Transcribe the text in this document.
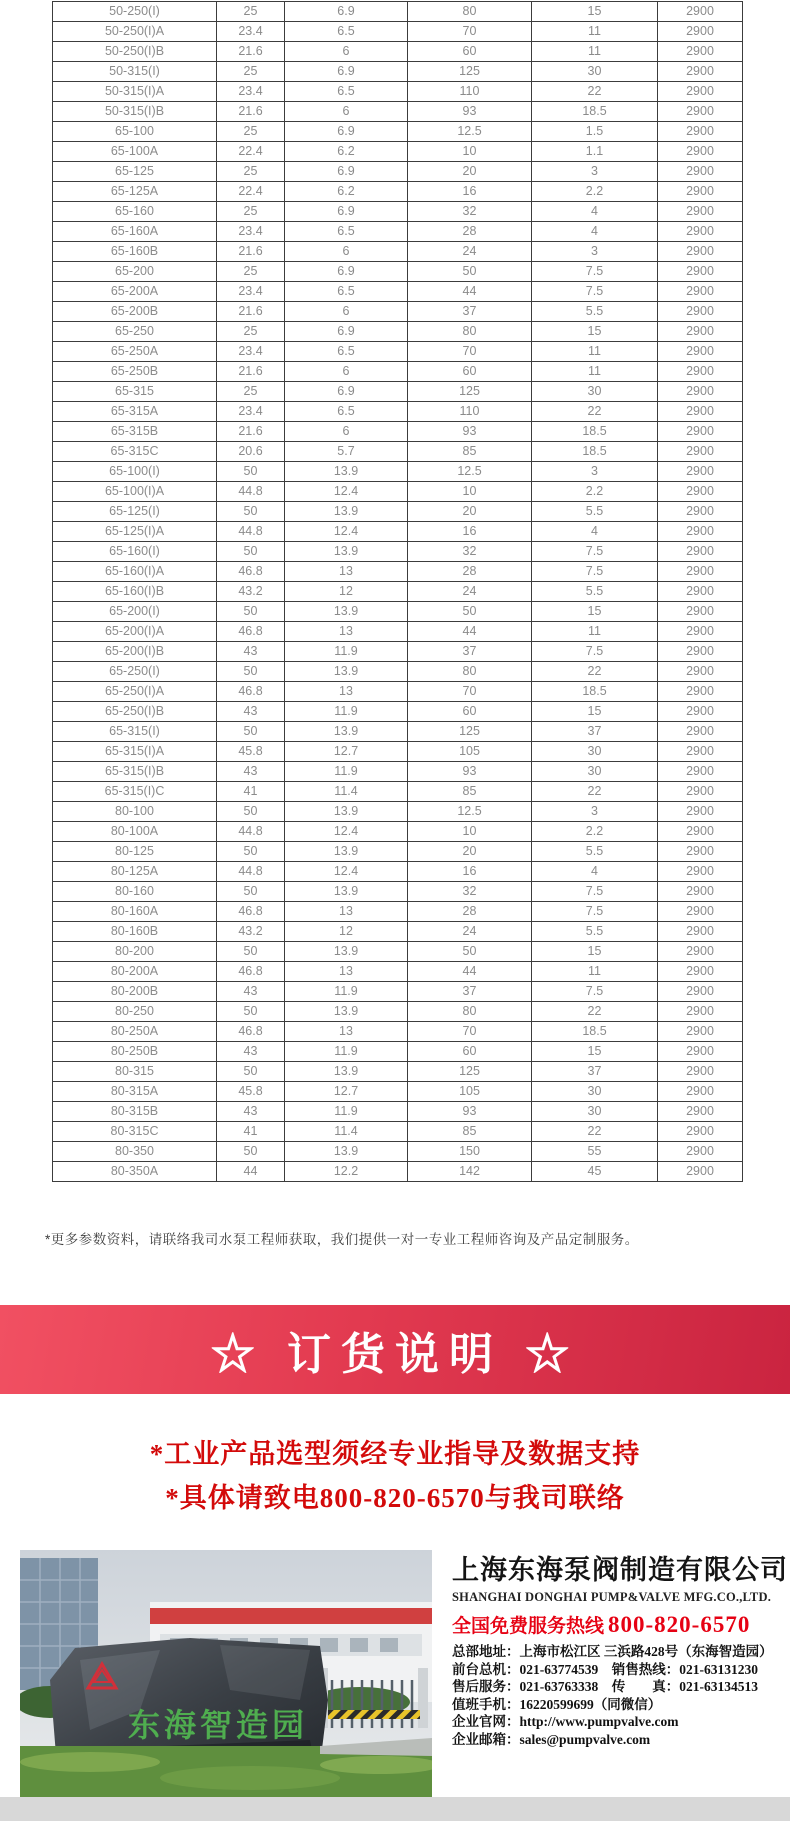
50-250(I)	25	6.9	80	15	2900
50-250(I)A	23.4	6.5	70	11	2900
50-250(I)B	21.6	6	60	11	2900
50-315(I)	25	6.9	125	30	2900
50-315(I)A	23.4	6.5	110	22	2900
50-315(I)B	21.6	6	93	18.5	2900
65-100	25	6.9	12.5	1.5	2900
65-100A	22.4	6.2	10	1.1	2900
65-125	25	6.9	20	3	2900
65-125A	22.4	6.2	16	2.2	2900
65-160	25	6.9	32	4	2900
65-160A	23.4	6.5	28	4	2900
65-160B	21.6	6	24	3	2900
65-200	25	6.9	50	7.5	2900
65-200A	23.4	6.5	44	7.5	2900
65-200B	21.6	6	37	5.5	2900
65-250	25	6.9	80	15	2900
65-250A	23.4	6.5	70	11	2900
65-250B	21.6	6	60	11	2900
65-315	25	6.9	125	30	2900
65-315A	23.4	6.5	110	22	2900
65-315B	21.6	6	93	18.5	2900
65-315C	20.6	5.7	85	18.5	2900
65-100(I)	50	13.9	12.5	3	2900
65-100(I)A	44.8	12.4	10	2.2	2900
65-125(I)	50	13.9	20	5.5	2900
65-125(I)A	44.8	12.4	16	4	2900
65-160(I)	50	13.9	32	7.5	2900
65-160(I)A	46.8	13	28	7.5	2900
65-160(I)B	43.2	12	24	5.5	2900
65-200(I)	50	13.9	50	15	2900
65-200(I)A	46.8	13	44	11	2900
65-200(I)B	43	11.9	37	7.5	2900
65-250(I)	50	13.9	80	22	2900
65-250(I)A	46.8	13	70	18.5	2900
65-250(I)B	43	11.9	60	15	2900
65-315(I)	50	13.9	125	37	2900
65-315(I)A	45.8	12.7	105	30	2900
65-315(I)B	43	11.9	93	30	2900
65-315(I)C	41	11.4	85	22	2900
80-100	50	13.9	12.5	3	2900
80-100A	44.8	12.4	10	2.2	2900
80-125	50	13.9	20	5.5	2900
80-125A	44.8	12.4	16	4	2900
80-160	50	13.9	32	7.5	2900
80-160A	46.8	13	28	7.5	2900
80-160B	43.2	12	24	5.5	2900
80-200	50	13.9	50	15	2900
80-200A	46.8	13	44	11	2900
80-200B	43	11.9	37	7.5	2900
80-250	50	13.9	80	22	2900
80-250A	46.8	13	70	18.5	2900
80-250B	43	11.9	60	15	2900
80-315	50	13.9	125	37	2900
80-315A	45.8	12.7	105	30	2900
80-315B	43	11.9	93	30	2900
80-315C	41	11.4	85	22	2900
80-350	50	13.9	150	55	2900
80-350A	44	12.2	142	45	2900

*更多参数资料，请联络我司水泵工程师获取，我们提供一对一专业工程师咨询及产品定制服务。

☆ 订货说明 ☆
*工业产品选型须经专业指导及数据支持
*具体请致电800-820-6570与我司联络
东海智造园
上海东海泵阀制造有限公司
SHANGHAI DONGHAI PUMP&VALVE MFG.CO.,LTD.
全国免费服务热线 800-820-6570
总部地址：上海市松江区 三浜路428号（东海智造园）
前台总机：021-63774539　销售热线：021-63131230
售后服务：021-63763338　传　　真：021-63134513
值班手机：16220599699（同微信）
企业官网：http://www.pumpvalve.com
企业邮箱：sales@pumpvalve.com
